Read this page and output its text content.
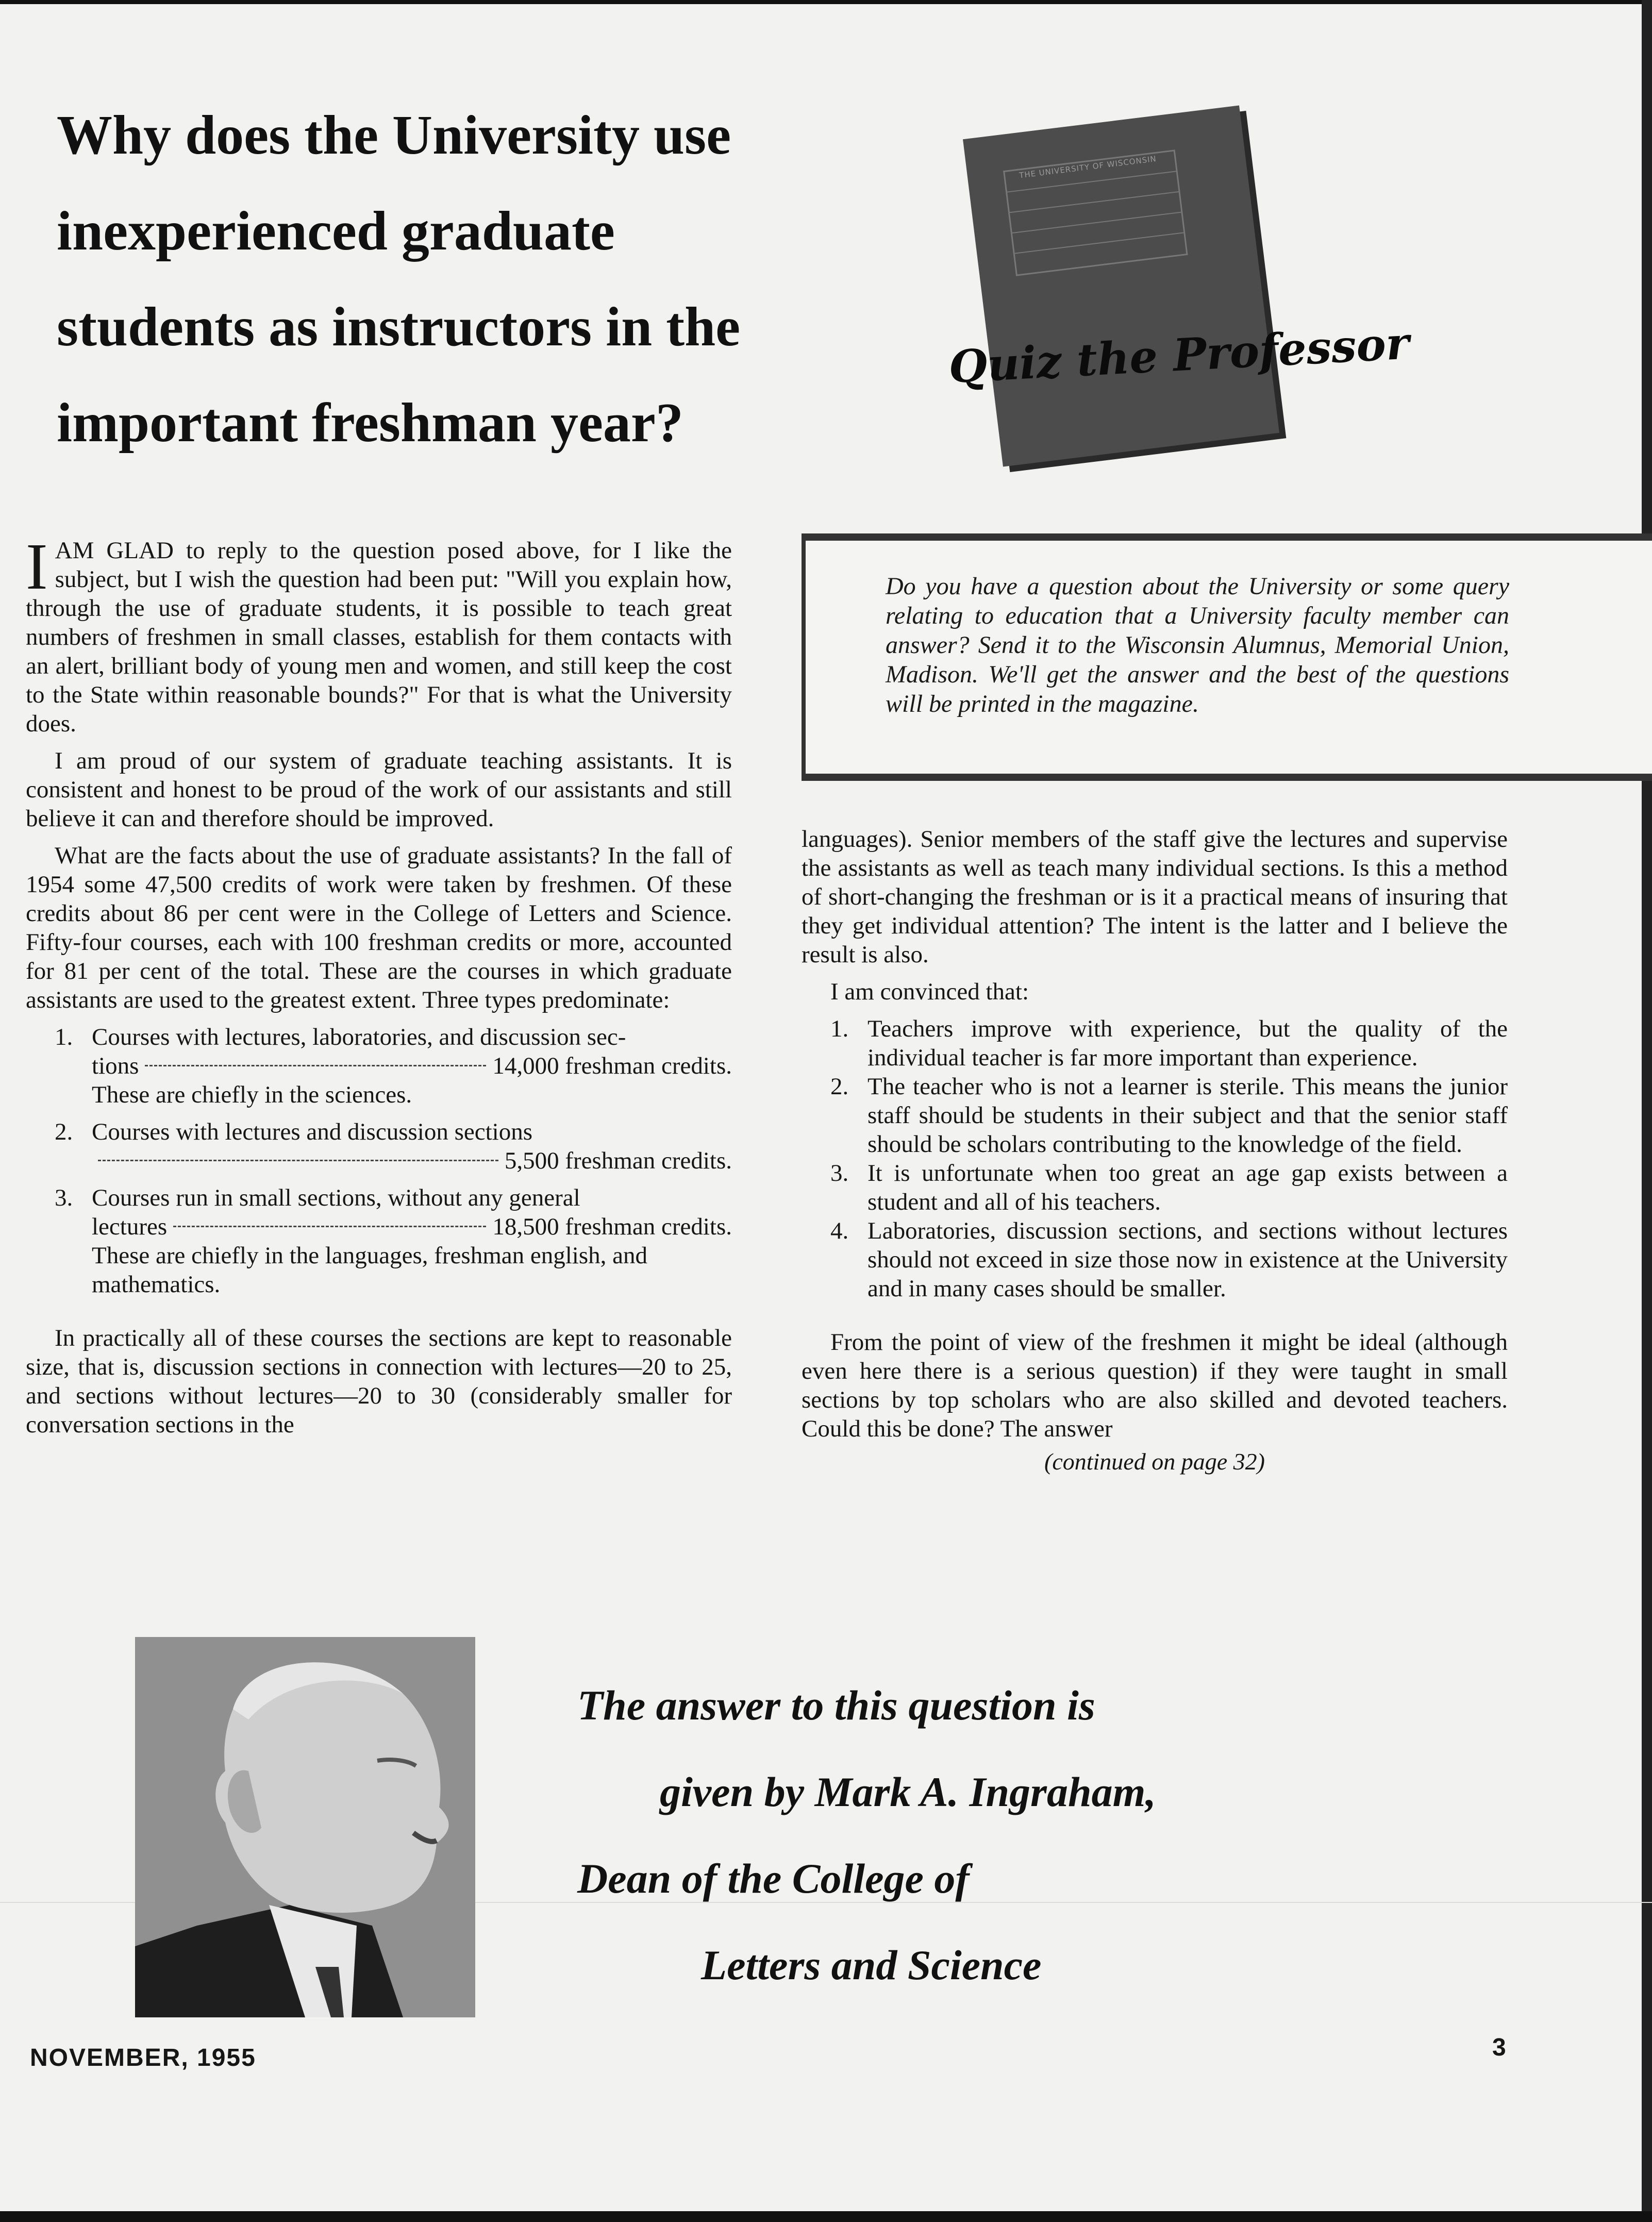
Why does the University use
inexperienced graduate
students as instructors in the
important freshman year?
THE UNIVERSITY OF WISCONSIN
Quiz the Professor
Do you have a question about the University or some query relating to education that a University faculty member can answer? Send it to the Wisconsin Alumnus, Memorial Union, Madison. We'll get the answer and the best of the questions will be printed in the magazine.

IAM GLAD to reply to the question posed above, for I like the subject, but I wish the question had been put: "Will you explain how, through the use of graduate students, it is possible to teach great numbers of freshmen in small classes, establish for them contacts with an alert, brilliant body of young men and women, and still keep the cost to the State within reasonable bounds?" For that is what the University does.

I am proud of our system of graduate teaching assistants. It is consistent and honest to be proud of the work of our assistants and still believe it can and therefore should be improved.

What are the facts about the use of graduate assistants? In the fall of 1954 some 47,500 credits of work were taken by freshmen. Of these credits about 86 per cent were in the College of Letters and Science. Fifty-four courses, each with 100 freshman credits or more, accounted for 81 per cent of the total. These are the courses in which graduate assistants are used to the greatest extent. Three types predominate:

1. Courses with lectures, laboratories, and discussion sec-
tions	14,000 freshman credits.
These are chiefly in the sciences.
2. Courses with lectures and discussion sections
5,500 freshman credits.
3. Courses run in small sections, without any general
lectures	18,500 freshman credits.
These are chiefly in the languages, freshman english, and mathematics.

In practically all of these courses the sections are kept to reasonable size, that is, discussion sections in connection with lectures—20 to 25, and sections without lectures—20 to 30 (considerably smaller for conversation sections in the

languages). Senior members of the staff give the lectures and supervise the assistants as well as teach many individual sections. Is this a method of short-changing the freshman or is it a practical means of insuring that they get individual attention? The intent is the latter and I believe the result is also.

I am convinced that:

1. Teachers improve with experience, but the quality of the individual teacher is far more important than experience.
2. The teacher who is not a learner is sterile. This means the junior staff should be students in their subject and that the senior staff should be scholars contributing to the knowledge of the field.
3. It is unfortunate when too great an age gap exists between a student and all of his teachers.
4. Laboratories, discussion sections, and sections without lectures should not exceed in size those now in existence at the University and in many cases should be smaller.

From the point of view of the freshmen it might be ideal (although even here there is a serious question) if they were taught in small sections by top scholars who are also skilled and devoted teachers. Could this be done? The answer

(continued on page 32)
The answer to this question is
given by Mark A. Ingraham,
Dean of the College of
Letters and Science
NOVEMBER, 1955	3
